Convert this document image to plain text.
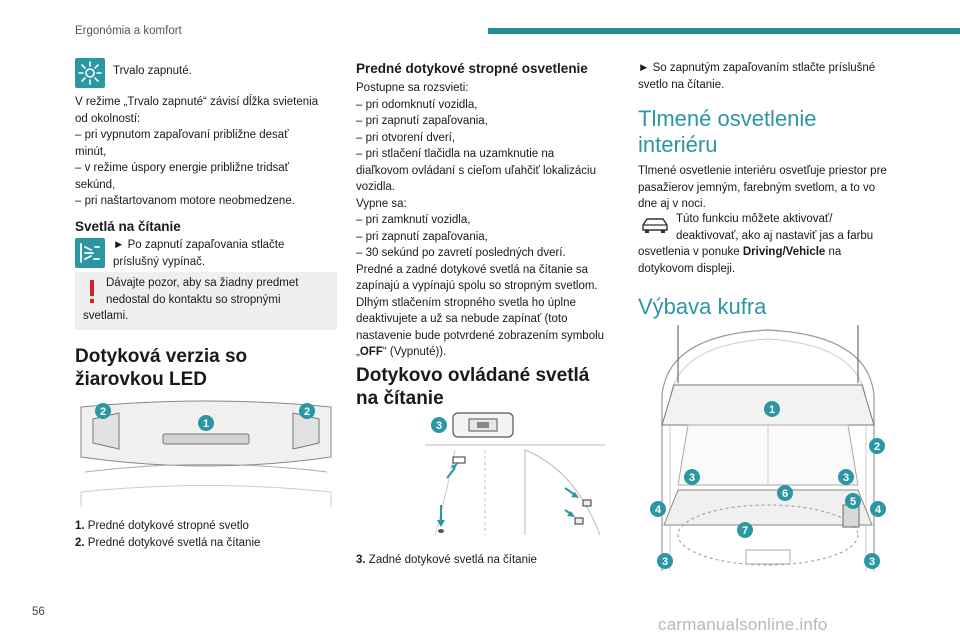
Ergonómia a komfort
Trvalo zapnuté.

V režime „Trvalo zapnuté“ závisí dĺžka svietenia

od okolností:

– pri vypnutom zapaľovaní približne desať

minút,

– v režime úspory energie približne tridsať

sekúnd,

– pri naštartovanom motore neobmedzene.

Svetlá na čítanie

► Po zapnutí zapaľovania stlačte

príslušný vypínač.

Dávajte pozor, aby sa žiadny predmet

nedostal do kontaktu so stropnými

svetlami.

Dotyková verzia so

žiarovkou LED

2
1
2

1. Predné dotykové stropné svetlo

2. Predné dotykové svetlá na čítanie

Predné dotykové stropné osvetlenie

Postupne sa rozsvieti:

– pri odomknutí vozidla,

– pri zapnutí zapaľovania,

– pri otvorení dverí,

– pri stlačení tlačidla na uzamknutie na

diaľkovom ovládaní s cieľom uľahčiť lokalizáciu

vozidla.

Vypne sa:

– pri zamknutí vozidla,

– pri zapnutí zapaľovania,

– 30 sekúnd po zavretí posledných dverí.

Predné a zadné dotykové svetlá na čítanie sa

zapínajú a vypínajú spolu so stropným svetlom.

Dlhým stlačením stropného svetla ho úplne

deaktivujete a už sa nebude zapínať (toto

nastavenie bude potvrdené zobrazením symbolu

„OFF“ (Vypnuté)).

Dotykovo ovládané svetlá

na čítanie

3

3. Zadné dotykové svetlá na čítanie

► So zapnutým zapaľovaním stlačte príslušné

svetlo na čítanie.

Tlmené osvetlenie

interiéru

Tlmené osvetlenie interiéru osvetľuje priestor pre

pasažierov jemným, farebným svetlom, a to vo

dne aj v noci.

Túto funkciu môžete aktivovať/

deaktivovať, ako aj nastaviť jas a farbu

osvetlenia v ponuke Driving/Vehicle na

dotykovom displeji.

Výbava kufra
1
2
3	3
6
5
4	4
7
3	3
56
carmanualsonline.info
